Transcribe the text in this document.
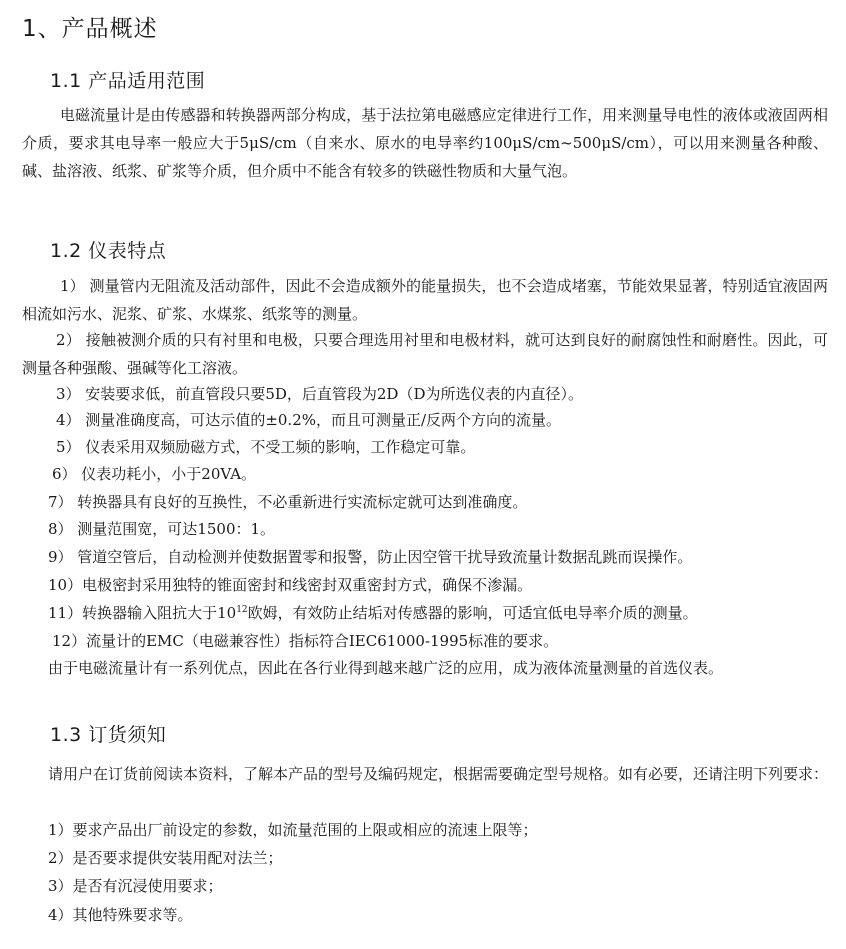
1、产品概述
1.1 产品适用范围

电磁流量计是由传感器和转换器两部分构成，基于法拉第电磁感应定律进行工作，用来测量导电性的液体或液固两相介质，要求其电导率一般应大于5μS/cm（自来水、原水的电导率约100μS/cm~500μS/cm），可以用来测量各种酸、碱、盐溶液、纸浆、矿浆等介质，但介质中不能含有较多的铁磁性物质和大量气泡。

1.2 仪表特点

1） 测量管内无阻流及活动部件，因此不会造成额外的能量损失，也不会造成堵塞，节能效果显著，特别适宜液固两相流如污水、泥浆、矿浆、水煤浆、纸浆等的测量。

2） 接触被测介质的只有衬里和电极，只要合理选用衬里和电极材料，就可达到良好的耐腐蚀性和耐磨性。因此，可测量各种强酸、强碱等化工溶液。

3） 安装要求低，前直管段只要5D，后直管段为2D（D为所选仪表的内直径）。

4） 测量准确度高，可达示值的±0.2%，而且可测量正/反两个方向的流量。

5） 仪表采用双频励磁方式，不受工频的影响，工作稳定可靠。

6） 仪表功耗小，小于20VA。

7） 转换器具有良好的互换性，不必重新进行实流标定就可达到准确度。

8） 测量范围宽，可达1500：1。

9） 管道空管后，自动检测并使数据置零和报警，防止因空管干扰导致流量计数据乱跳而误操作。

10）电极密封采用独特的锥面密封和线密封双重密封方式，确保不渗漏。

11）转换器输入阻抗大于$10^{12}$欧姆，有效防止结垢对传感器的影响，可适宜低电导率介质的测量。

12）流量计的EMC（电磁兼容性）指标符合IEC61000-1995标准的要求。

由于电磁流量计有一系列优点，因此在各行业得到越来越广泛的应用，成为液体流量测量的首选仪表。

1.3 订货须知

请用户在订货前阅读本资料，了解本产品的型号及编码规定，根据需要确定型号规格。如有必要，还请注明下列要求：

1）要求产品出厂前设定的参数，如流量范围的上限或相应的流速上限等；

2）是否要求提供安装用配对法兰；

3）是否有沉浸使用要求；

4）其他特殊要求等。
